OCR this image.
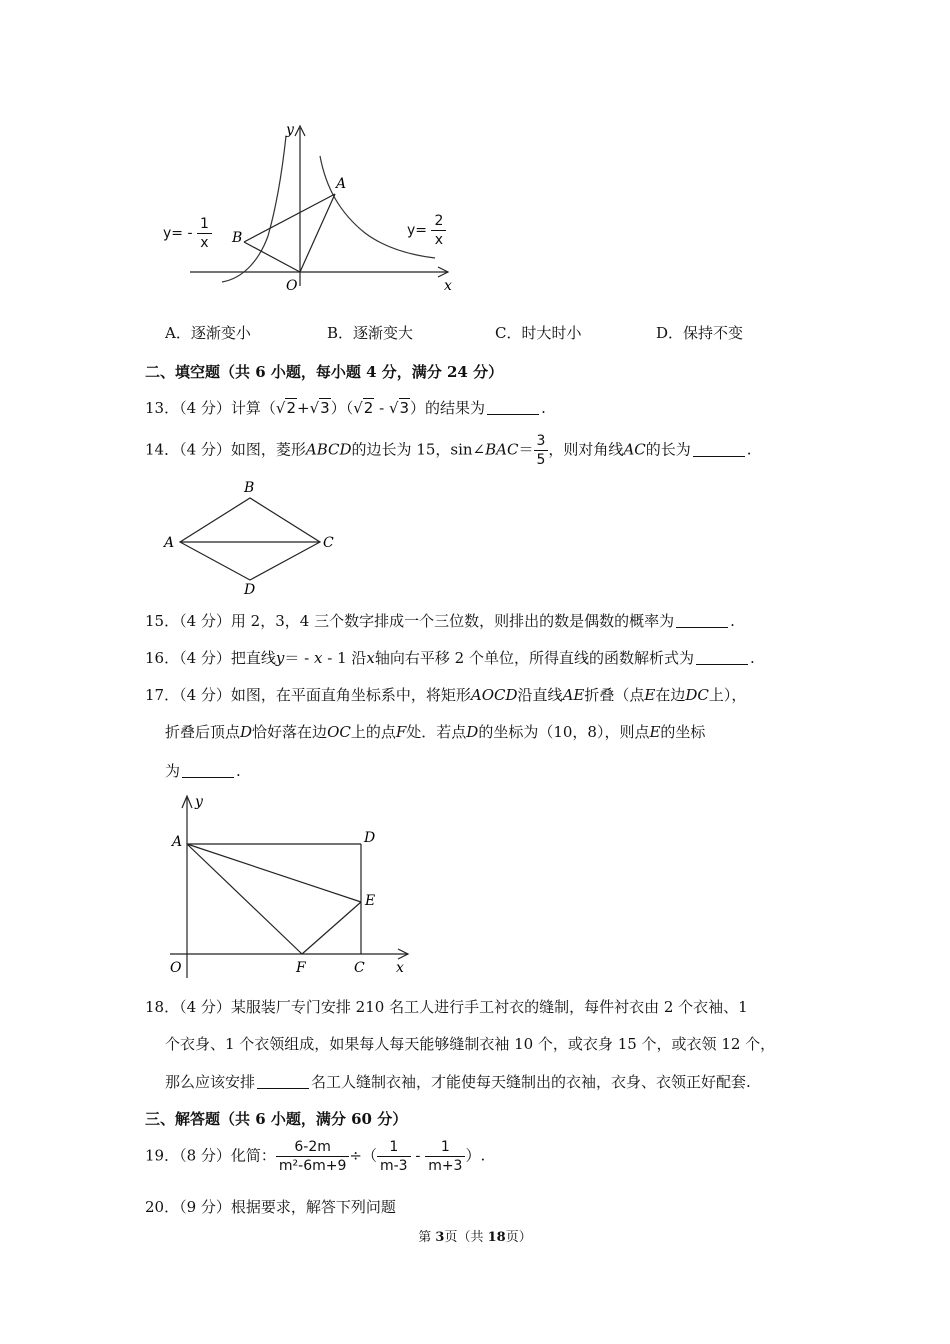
y
x
O
A
B
$y= - \frac{1}{x}$	$y= \frac{2}{x}$
A．逐渐变小	B．逐渐变大	C．时大时小	D．保持不变
二、填空题（共 6 小题，每小题 4 分，满分 24 分）
13．（4 分）计算（√2+√3）（√2 - √3）的结果为	.
14．（4 分）如图，菱形ABCD的边长为 15，sin∠BAC＝ $\frac{3}{5}$ ，则对角线AC的长为	.
A
B
C
D
15．（4 分）用 2，3，4 三个数字排成一个三位数，则排出的数是偶数的概率为	.
16．（4 分）把直线y＝ - x - 1 沿x轴向右平移 2 个单位，所得直线的函数解析式为	.
17．（4 分）如图，在平面直角坐标系中，将矩形AOCD沿直线AE折叠（点E在边DC上），
折叠后顶点D恰好落在边OC上的点F处．若点D的坐标为（10，8），则点E的坐标
为	.
y
x
A	D
E
O	F	C
18．（4 分）某服装厂专门安排 210 名工人进行手工衬衣的缝制，每件衬衣由 2 个衣袖、1
个衣身、1 个衣领组成，如果每人每天能够缝制衣袖 10 个，或衣身 15 个，或衣领 12 个，
那么应该安排	名工人缝制衣袖，才能使每天缝制出的衣袖，衣身、衣领正好配套.
三、解答题（共 6 小题，满分 60 分）
19．（8 分）化简： $\frac{6-2m}{\text{m²-6m+9}}$ ÷（ $\frac{1}{m-3} - \frac{1}{m+3}$ ）.
20．（9 分）根据要求，解答下列问题
第 3页（共 18页）
